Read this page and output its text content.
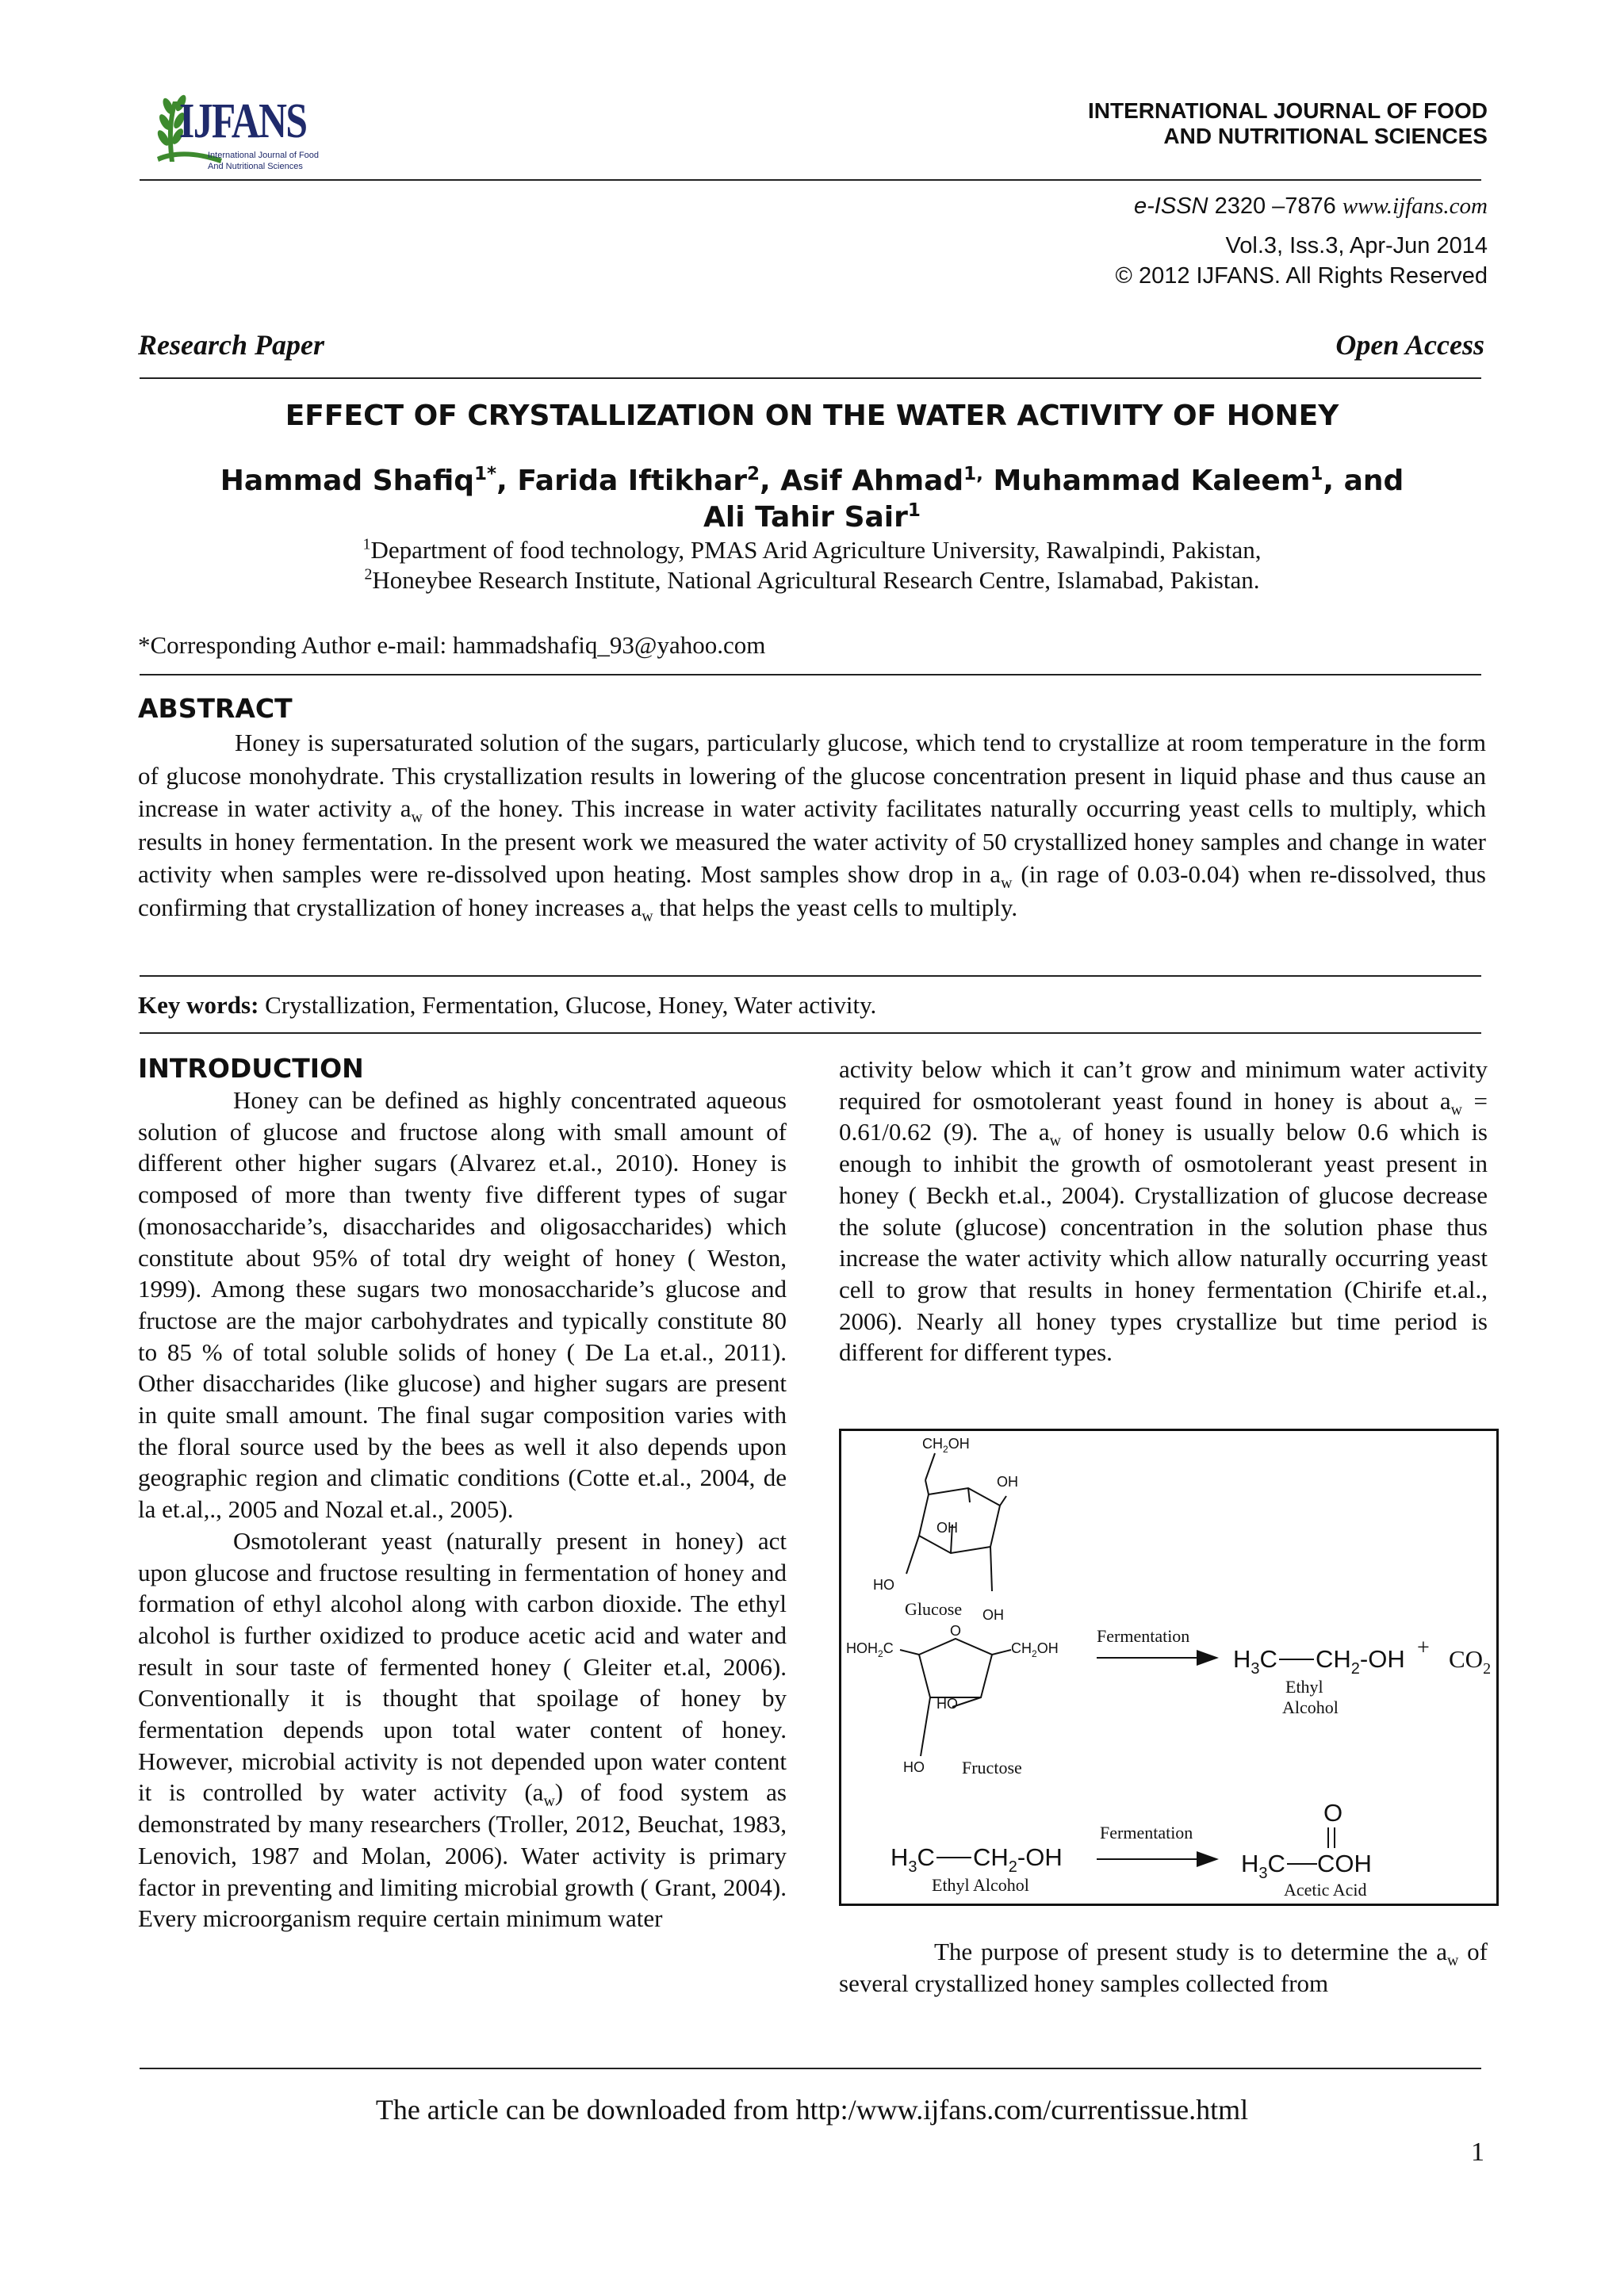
IJFANS
International Journal of Food
And Nutritional Sciences
INTERNATIONAL JOURNAL OF FOOD
AND NUTRITIONAL SCIENCES
e-ISSN 2320 –7876 www.ijfans.com
Vol.3, Iss.3, Apr-Jun 2014
© 2012 IJFANS. All Rights Reserved
Research Paper	Open Access
EFFECT OF CRYSTALLIZATION ON THE WATER ACTIVITY OF HONEY
Hammad Shafiq$^{1*}$, Farida Iftikhar$^2$, Asif Ahmad$^{1,}$ Muhammad Kaleem$^1$, and
Ali Tahir Sair$^1$
$^1$Department of food technology, PMAS Arid Agriculture University, Rawalpindi, Pakistan,
$^2$Honeybee Research Institute, National Agricultural Research Centre, Islamabad, Pakistan.
*Corresponding Author e-mail: hammadshafiq_93@yahoo.com
ABSTRACT
Honey is supersaturated solution of the sugars, particularly glucose, which tend to crystallize at room temperature in the form of glucose monohydrate. This crystallization results in lowering of the glucose concentration present in liquid phase and thus cause an increase in water activity $a_w$ of the honey. This increase in water activity facilitates naturally occurring yeast cells to multiply, which results in honey fermentation. In the present work we measured the water activity of 50 crystallized honey samples and change in water activity when samples were re-dissolved upon heating. Most samples show drop in $a_w$ (in rage of 0.03-0.04) when re-dissolved, thus confirming that crystallization of honey increases $a_w$ that helps the yeast cells to multiply.
Key words: Crystallization, Fermentation, Glucose, Honey, Water activity.
INTRODUCTION

Honey can be defined as highly concentrated aqueous solution of glucose and fructose along with small amount of different other higher sugars (Alvarez et.al., 2010). Honey is composed of more than twenty five different types of sugar (monosaccharide’s, disaccharides and oligosaccharides) which constitute about 95% of total dry weight of honey ( Weston, 1999). Among these sugars two monosaccharide’s glucose and fructose are the major carbohydrates and typically constitute 80 to 85 % of total soluble solids of honey ( De La et.al., 2011). Other disaccharides (like glucose) and higher sugars are present in quite small amount. The final sugar composition varies with the floral source used by the bees as well it also depends upon geographic region and climatic conditions (Cotte et.al., 2004, de la et.al,., 2005 and Nozal et.al., 2005).

Osmotolerant yeast (naturally present in honey) act upon glucose and fructose resulting in fermentation of honey and formation of ethyl alcohol along with carbon dioxide. The ethyl alcohol is further oxidized to produce acetic acid and water and result in sour taste of fermented honey ( Gleiter et.al, 2006). Conventionally it is thought that spoilage of honey by fermentation depends upon total water content of honey. However, microbial activity is not depended upon water content it is controlled by water activity $(a_w)$ of food system as demonstrated by many researchers (Troller, 2012, Beuchat, 1983, Lenovich, 1987 and Molan, 2006). Water activity is primary factor in preventing and limiting microbial growth ( Grant, 2004). Every microorganism require certain minimum water

activity below which it can’t grow and minimum water activity required for osmotolerant yeast found in honey is about $a_w = 0.61/0.62$ (9). The $a_w$ of honey is usually below 0.6 which is enough to inhibit the growth of osmotolerant yeast present in honey ( Beckh et.al., 2004). Crystallization of glucose decrease the solute (glucose) concentration in the solution phase thus increase the water activity which allow naturally occurring yeast cell to grow that results in honey fermentation (Chirife et.al., 2006). Nearly all honey types crystallize but time period is different for different types.
$CH_2OH$
OH
OH
HO
Glucose OH
$HOH_2C$
O
$CH_2OH$
HO
Fructose
HO
Fermentation
$H_3C$ $CH_2-OH + CO_2$
Ethyl
Alcohol
$H_3C$ $CH_2-OH$
Ethyl Alcohol
Fermentation
O
$H_3C$ COH
Acetic Acid
The purpose of present study is to determine the $a_w$ of several crystallized honey samples collected from
The article can be downloaded from http:/www.ijfans.com/currentissue.html
1
